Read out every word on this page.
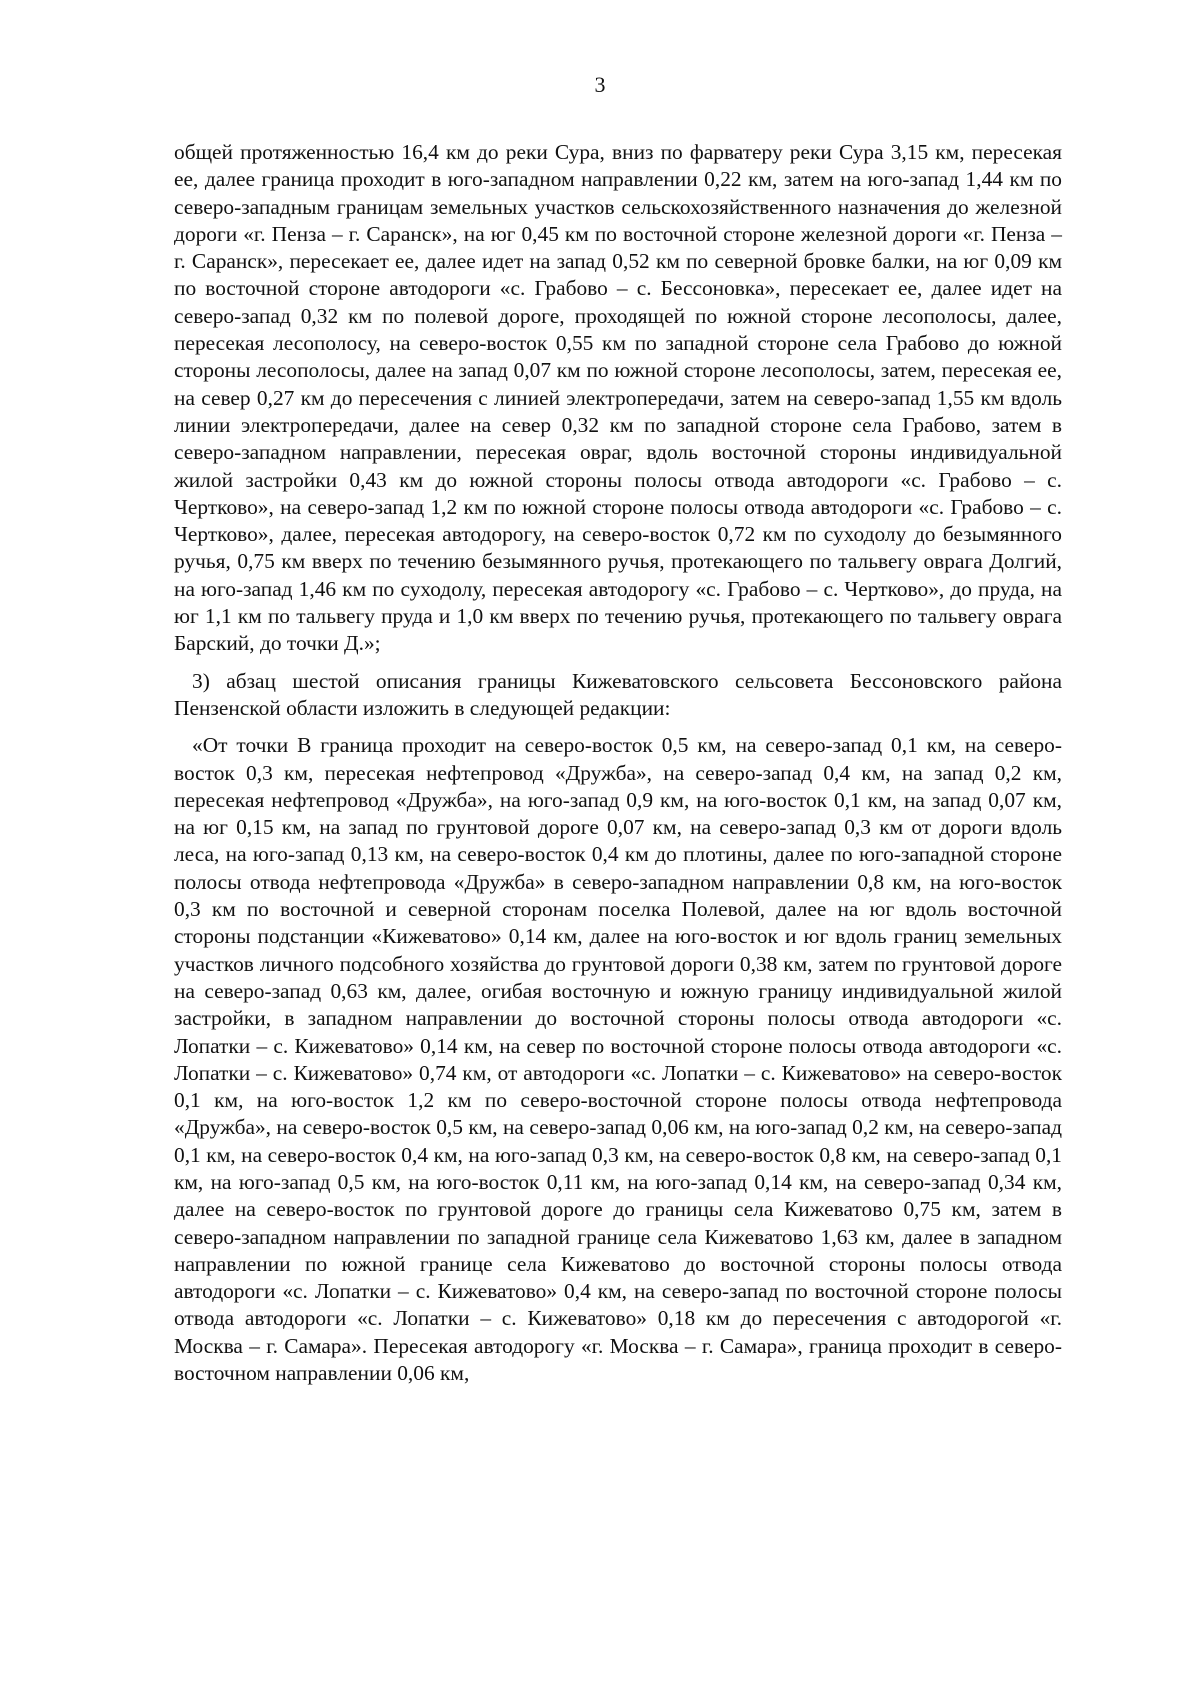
3

общей протяженностью 16,4 км до реки Сура, вниз по фарватеру реки Сура 3,15 км, пересекая ее, далее граница проходит в юго-западном направлении 0,22 км, затем на юго-запад 1,44 км по северо-западным границам земельных участков сельскохозяйственного назначения до железной дороги «г. Пенза – г. Саранск», на юг 0,45 км по восточной стороне железной дороги «г. Пенза – г. Саранск», пересекает ее, далее идет на запад 0,52 км по северной бровке балки, на юг 0,09 км по восточной стороне автодороги «с. Грабово – с. Бессоновка», пересекает ее, далее идет на северо-запад 0,32 км по полевой дороге, проходящей по южной стороне лесополосы, далее, пересекая лесополосу, на северо-восток 0,55 км по западной стороне села Грабово до южной стороны лесополосы, далее на запад 0,07 км по южной стороне лесополосы, затем, пересекая ее, на север 0,27 км до пересечения с линией электропередачи, затем на северо-запад 1,55 км вдоль линии электропередачи, далее на север 0,32 км по западной стороне села Грабово, затем в северо-западном направлении, пересекая овраг, вдоль восточной стороны индивидуальной жилой застройки 0,43 км до южной стороны полосы отвода автодороги «с. Грабово – с. Чертково», на северо-запад 1,2 км по южной стороне полосы отвода автодороги «с. Грабово – с. Чертково», далее, пересекая автодорогу, на северо-восток 0,72 км по суходолу до безымянного ручья, 0,75 км вверх по течению безымянного ручья, протекающего по тальвегу оврага Долгий, на юго-запад 1,46 км по суходолу, пересекая автодорогу «с. Грабово – с. Чертково», до пруда, на юг 1,1 км по тальвегу пруда и 1,0 км вверх по течению ручья, протекающего по тальвегу оврага Барский, до точки Д.»;

3) абзац шестой описания границы Кижеватовского сельсовета Бессоновского района Пензенской области изложить в следующей редакции:

«От точки В граница проходит на северо-восток 0,5 км, на северо-запад 0,1 км, на северо-восток 0,3 км, пересекая нефтепровод «Дружба», на северо-запад 0,4 км, на запад 0,2 км, пересекая нефтепровод «Дружба», на юго-запад 0,9 км, на юго-восток 0,1 км, на запад 0,07 км, на юг 0,15 км, на запад по грунтовой дороге 0,07 км, на северо-запад 0,3 км от дороги вдоль леса, на юго-запад 0,13 км, на северо-восток 0,4 км до плотины, далее по юго-западной стороне полосы отвода нефтепровода «Дружба» в северо-западном направлении 0,8 км, на юго-восток 0,3 км по восточной и северной сторонам поселка Полевой, далее на юг вдоль восточной стороны подстанции «Кижеватово» 0,14 км, далее на юго-восток и юг вдоль границ земельных участков личного подсобного хозяйства до грунтовой дороги 0,38 км, затем по грунтовой дороге на северо-запад 0,63 км, далее, огибая восточную и южную границу индивидуальной жилой застройки, в западном направлении до восточной стороны полосы отвода автодороги «с. Лопатки – с. Кижеватово» 0,14 км, на север по восточной стороне полосы отвода автодороги «с. Лопатки – с. Кижеватово» 0,74 км, от автодороги «с. Лопатки – с. Кижеватово» на северо-восток 0,1 км, на юго-восток 1,2 км по северо-восточной стороне полосы отвода нефтепровода «Дружба», на северо-восток 0,5 км, на северо-запад 0,06 км, на юго-запад 0,2 км, на северо-запад 0,1 км, на северо-восток 0,4 км, на юго-запад 0,3 км, на северо-восток 0,8 км, на северо-запад 0,1 км, на юго-запад 0,5 км, на юго-восток 0,11 км, на юго-запад 0,14 км, на северо-запад 0,34 км, далее на северо-восток по грунтовой дороге до границы села Кижеватово 0,75 км, затем в северо-западном направлении по западной границе села Кижеватово 1,63 км, далее в западном направлении по южной границе села Кижеватово до восточной стороны полосы отвода автодороги «с. Лопатки – с. Кижеватово» 0,4 км, на северо-запад по восточной стороне полосы отвода автодороги «с. Лопатки – с. Кижеватово» 0,18 км до пересечения с автодорогой «г. Москва – г. Самара». Пересекая автодорогу «г. Москва – г. Самара», граница проходит в северо-восточном направлении 0,06 км,
